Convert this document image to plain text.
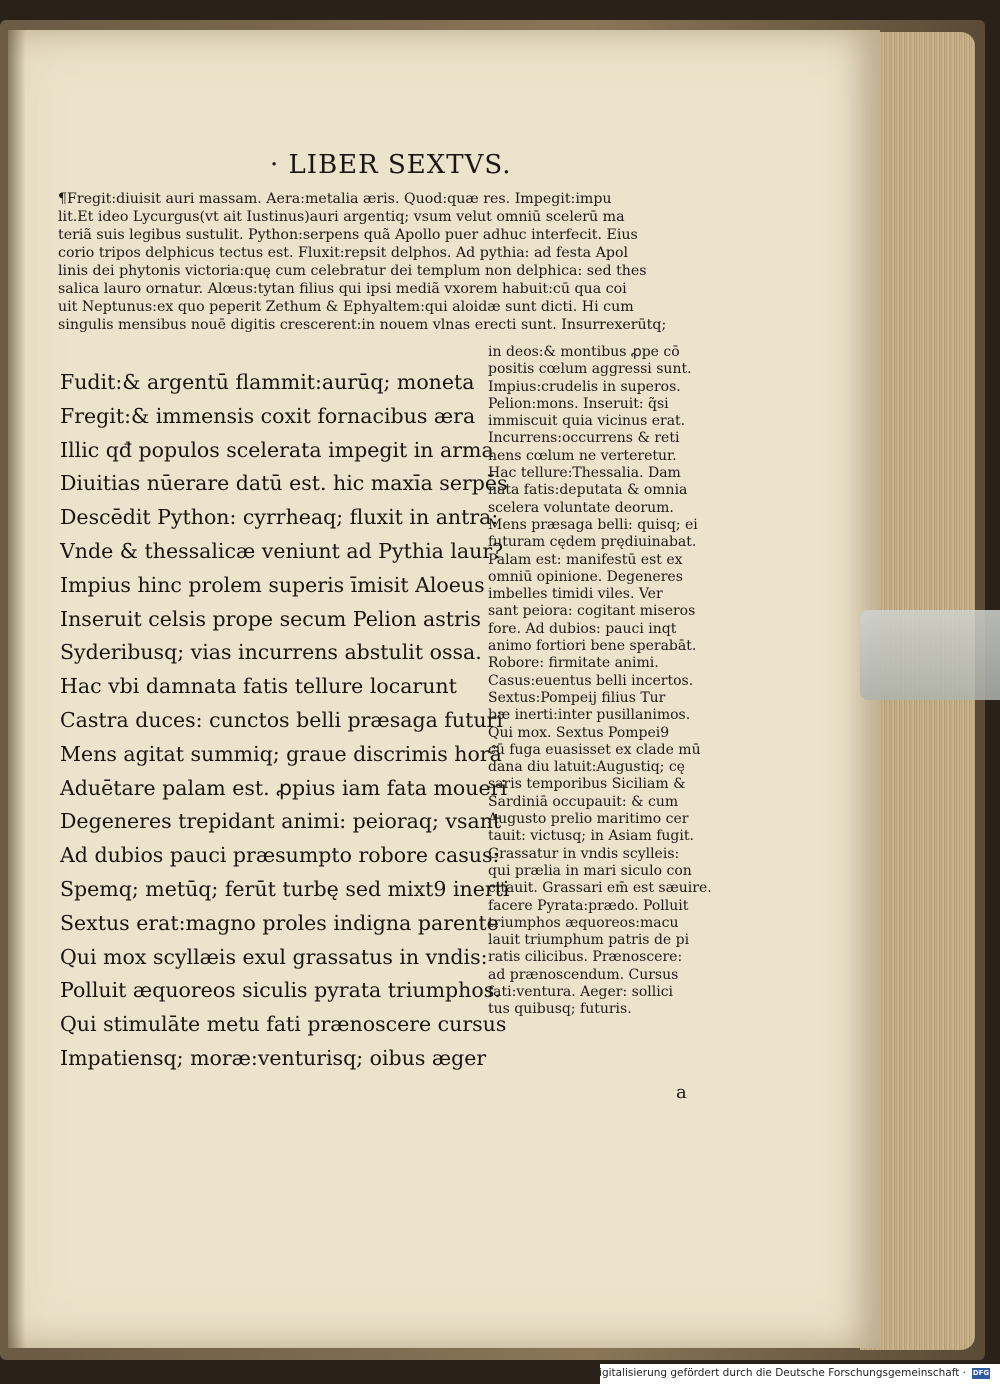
· LIBER SEXTVS.
¶Fregit:diuisit auri massam. Aera:metalia æris. Quod:quæ res. Impegit:impu
lit.Et ideo Lycurgus(vt ait Iustinus)auri argentiq; vsum velut omniū scelerū ma
teriã suis legibus sustulit. Python:serpens quã Apollo puer adhuc interfecit. Eius
corio tripos delphicus tectus est. Fluxit:repsit delphos. Ad pythia: ad festa Apol
linis dei phytonis victoria:quę cum celebratur dei templum non delphica: sed thes
salica lauro ornatur. Alœus:tytan filius qui ipsi mediã vxorem habuit:cū qua coi
uit Neptunus:ex quo peperit Zethum & Ephyaltem:qui aloidæ sunt dicti. Hi cum
singulis mensibus nouē digitis crescerent:in nouem vlnas erecti sunt. Insurrexerūtq;
Fudit:& argentū flammit:aurūq; moneta
Fregit:& immensis coxit fornacibus æra
Illic qđ populos scelerata impegit in arma
Diuitias nūerare datū est. hic maxīa serpēs
Descēdit Python: cyrrheaq; fluxit in antra:
Vnde & thessalicæ veniunt ad Pythia laur?
Impius hinc prolem superis īmisit Aloeus
Inseruit celsis prope secum Pelion astris
Syderibusq; vias incurrens abstulit ossa.
Hac vbi damnata fatis tellure locarunt
Castra duces: cunctos belli præsaga futuri
Mens agitat summiq; graue discrimis horã
Aduētare palam est. ꝓpius iam fata moueri
Degeneres trepidant animi: peioraq; vsant
Ad dubios pauci præsumpto robore casus:
Spemq; metūq; ferūt turbę sed mixt9 inerti
Sextus erat:magno proles indigna parente
Qui mox scyllæis exul grassatus in vndis:
Polluit æquoreos siculis pyrata triumphos.
Qui stimulāte metu fati prænoscere cursus
Impatiensq; moræ:venturisq; oibus æger
in deos:& montibus ꝓpe cō
positis cœlum aggressi sunt.
Impius:crudelis in superos.
Pelion:mons. Inseruit: q̃si
immiscuit quia vicinus erat.
Incurrens:occurrens & reti
nens cœlum ne verteretur.
Hac tellure:Thessalia. Dam
nata fatis:deputata & omnia
scelera voluntate deorum.
Mens præsaga belli: quisq; ei
futuram cędem prędiuinabat.
Palam est: manifestū est ex
omniū opinione. Degeneres
imbelles timidi viles. Ver
sant peiora: cogitant miseros
fore. Ad dubios: pauci inqt
animo fortiori bene sperabāt.
Robore: firmitate animi.
Casus:euentus belli incertos.
Sextus:Pompeij filius Tur
bæ inerti:inter pusillanimos.
Qui mox. Sextus Pompei9
cū fuga euasisset ex clade mū
dana diu latuit:Augustiq; cę
saris temporibus Siciliam &
Sardiniā occupauit: & cum
Augusto prelio maritimo cer
tauit: victusq; in Asiam fugit.
Grassatur in vndis scylleis:
qui prælia in mari siculo con
citauit. Grassari em̄ est sæuire.
facere Pyrata:prædo. Polluit
triumphos æquoreos:macu
lauit triumphum patris de pi
ratis cilicibus. Prænoscere:
ad prænoscendum. Cursus
fati:ventura. Aeger: sollici
tus quibusq; futuris.
a
Digitalisierung gefördert durch die Deutsche Forschungsgemeinschaft · DFG
